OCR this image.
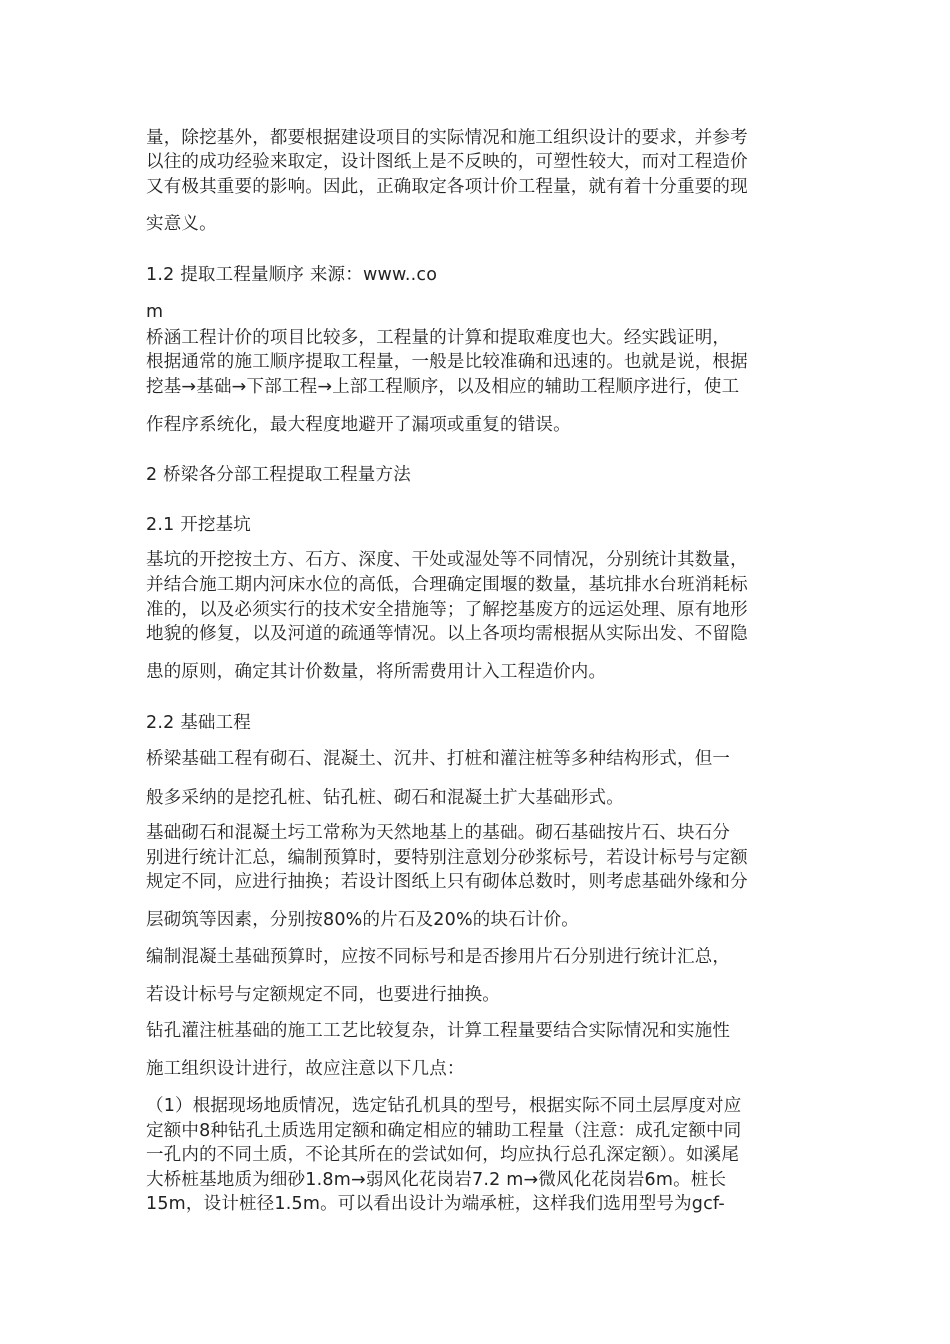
量，除挖基外，都要根据建设项目的实际情况和施工组织设计的要求，并参考
以往的成功经验来取定，设计图纸上是不反映的，可塑性较大，而对工程造价
又有极其重要的影响。因此，正确取定各项计价工程量，就有着十分重要的现
实意义。
1.2 提取工程量顺序 来源：www..co
m
桥涵工程计价的项目比较多，工程量的计算和提取难度也大。经实践证明，
根据通常的施工顺序提取工程量，一般是比较准确和迅速的。也就是说，根据
挖基→基础→下部工程→上部工程顺序，以及相应的辅助工程顺序进行，使工
作程序系统化，最大程度地避开了漏项或重复的错误。
2 桥梁各分部工程提取工程量方法
2.1 开挖基坑
基坑的开挖按土方、石方、深度、干处或湿处等不同情况，分别统计其数量，
并结合施工期内河床水位的高低，合理确定围堰的数量，基坑排水台班消耗标
准的，以及必须实行的技术安全措施等；了解挖基废方的远运处理、原有地形
地貌的修复，以及河道的疏通等情况。以上各项均需根据从实际出发、不留隐
患的原则，确定其计价数量，将所需费用计入工程造价内。
2.2 基础工程
桥梁基础工程有砌石、混凝土、沉井、打桩和灌注桩等多种结构形式，但一
般多采纳的是挖孔桩、钻孔桩、砌石和混凝土扩大基础形式。
基础砌石和混凝土圬工常称为天然地基上的基础。砌石基础按片石、块石分
别进行统计汇总，编制预算时，要特别注意划分砂浆标号，若设计标号与定额
规定不同，应进行抽换；若设计图纸上只有砌体总数时，则考虑基础外缘和分
层砌筑等因素，分别按80%的片石及20%的块石计价。
编制混凝土基础预算时，应按不同标号和是否掺用片石分别进行统计汇总，
若设计标号与定额规定不同，也要进行抽换。
钻孔灌注桩基础的施工工艺比较复杂，计算工程量要结合实际情况和实施性
施工组织设计进行，故应注意以下几点：
（1）根据现场地质情况，选定钻孔机具的型号，根据实际不同土层厚度对应
定额中8种钻孔土质选用定额和确定相应的辅助工程量（注意：成孔定额中同
一孔内的不同土质，不论其所在的尝试如何，均应执行总孔深定额）。如溪尾
大桥桩基地质为细砂1.8m→弱风化花岗岩7.2 m→微风化花岗岩6m。桩长
15m，设计桩径1.5m。可以看出设计为端承桩，这样我们选用型号为gcf-
